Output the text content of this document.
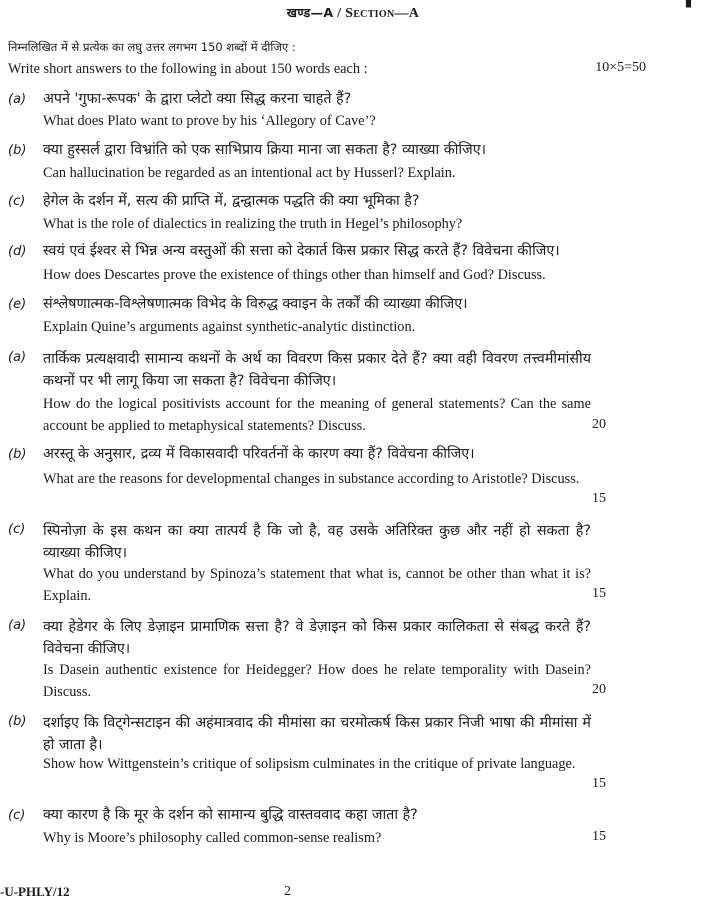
खण्ड—A / Section—A	▘
निम्नलिखित में से प्रत्येक का लघु उत्तर लगभग 150 शब्दों में दीजिए :
Write short answers to the following in about 150 words each :	10×5=50
(a) अपने 'गुफा-रूपक' के द्वारा प्लेटो क्या सिद्ध करना चाहते हैं?
What does Plato want to prove by his ‘Allegory of Cave’?
(b) क्या हुस्सर्ल द्वारा विभ्रांति को एक साभिप्राय क्रिया माना जा सकता है? व्याख्या कीजिए।
Can hallucination be regarded as an intentional act by Husserl? Explain.
(c) हेगेल के दर्शन में, सत्य की प्राप्ति में, द्वन्द्वात्मक पद्धति की क्या भूमिका है?
What is the role of dialectics in realizing the truth in Hegel’s philosophy?
(d) स्वयं एवं ईश्वर से भिन्न अन्य वस्तुओं की सत्ता को देकार्त किस प्रकार सिद्ध करते हैं? विवेचना कीजिए।
How does Descartes prove the existence of things other than himself and God? Discuss.
(e) संश्लेषणात्मक-विश्लेषणात्मक विभेद के विरुद्ध क्वाइन के तर्कों की व्याख्या कीजिए।
Explain Quine’s arguments against synthetic-analytic distinction.
(a) तार्किक प्रत्यक्षवादी सामान्य कथनों के अर्थ का विवरण किस प्रकार देते हैं? क्या वही विवरण तत्त्वमीमांसीय कथनों पर भी लागू किया जा सकता है? विवेचना कीजिए।
How do the logical positivists account for the meaning of general statements? Can the same account be applied to metaphysical statements? Discuss.	20
(b) अरस्तू के अनुसार, द्रव्य में विकासवादी परिवर्तनों के कारण क्या हैं? विवेचना कीजिए।
What are the reasons for developmental changes in substance according to Aristotle? Discuss.
15
(c) स्पिनोज़ा के इस कथन का क्या तात्पर्य है कि जो है, वह उसके अतिरिक्त कुछ और नहीं हो सकता है? व्याख्या कीजिए।
What do you understand by Spinoza’s statement that what is, cannot be other than what it is? Explain.	15
(a) क्या हेडेगर के लिए डेज़ाइन प्रामाणिक सत्ता है? वे डेज़ाइन को किस प्रकार कालिकता से संबद्ध करते हैं? विवेचना कीजिए।
Is Dasein authentic existence for Heidegger? How does he relate temporality with Dasein? Discuss.	20
(b) दर्शाइए कि विट्गेन्सटाइन की अहंमात्रवाद की मीमांसा का चरमोत्कर्ष किस प्रकार निजी भाषा की मीमांसा में हो जाता है।
Show how Wittgenstein’s critique of solipsism culminates in the critique of private language.
15
(c) क्या कारण है कि मूर के दर्शन को सामान्य बुद्धि वास्तववाद कहा जाता है?
Why is Moore’s philosophy called common-sense realism?	15
-U-PHLY/12	2
